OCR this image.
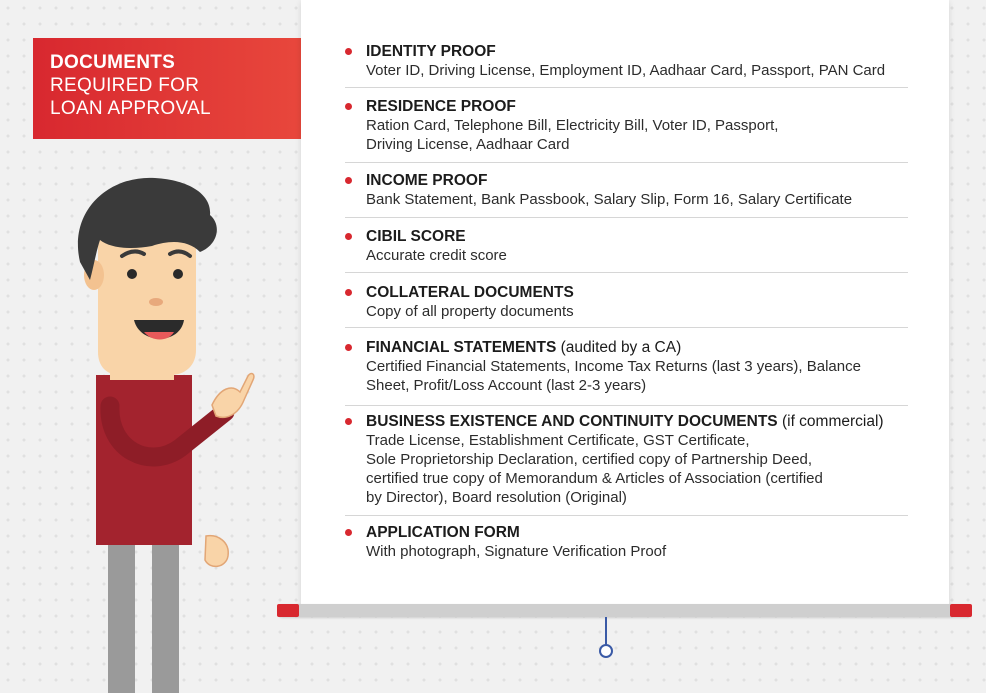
DOCUMENTS
REQUIRED FOR
LOAN APPROVAL
IDENTITY PROOF
Voter ID, Driving License, Employment ID, Aadhaar Card, Passport, PAN Card
RESIDENCE PROOF
Ration Card, Telephone Bill, Electricity Bill, Voter ID, Passport,
Driving License, Aadhaar Card
INCOME PROOF
Bank Statement, Bank Passbook, Salary Slip, Form 16, Salary Certificate
CIBIL SCORE
Accurate credit score
COLLATERAL DOCUMENTS
Copy of all property documents
FINANCIAL STATEMENTS (audited by a CA)
Certified Financial Statements, Income Tax Returns (last 3 years), Balance
Sheet, Profit/Loss Account (last 2-3 years)
BUSINESS EXISTENCE AND CONTINUITY DOCUMENTS (if commercial)
Trade License, Establishment Certificate, GST Certificate,
Sole Proprietorship Declaration, certified copy of Partnership Deed,
certified true copy of Memorandum & Articles of Association (certified
by Director), Board resolution (Original)
APPLICATION FORM
With photograph, Signature Verification Proof
